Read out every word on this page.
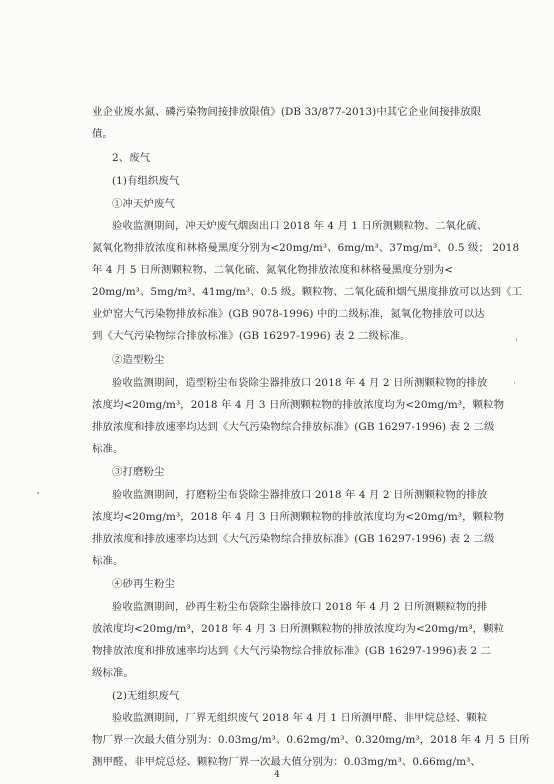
业企业废水氮、磷污染物间接排放限值》(DB 33/877-2013)中其它企业间接排放限
值。
2、废气
(1)有组织废气
①冲天炉废气
验收监测期间，冲天炉废气烟囱出口 2018 年 4 月 1 日所测颗粒物、二氧化硫、
氮氧化物排放浓度和林格曼黑度分别为<20mg/m³、6mg/m³、37mg/m³、0.5 级； 2018
年 4 月 5 日所测颗粒物、二氧化硫、氮氧化物排放浓度和林格曼黑度分别为<
20mg/m³、5mg/m³、41mg/m³、0.5 级。颗粒物、二氧化硫和烟气黑度排放可以达到《工
业炉窑大气污染物排放标准》(GB 9078-1996) 中的二级标准，氮氧化物排放可以达
到《大气污染物综合排放标准》(GB 16297-1996) 表 2 二级标准。
②造型粉尘
验收监测期间，造型粉尘布袋除尘器排放口 2018 年 4 月 2 日所测颗粒物的排放
浓度均<20mg/m³，2018 年 4 月 3 日所测颗粒物的排放浓度均为<20mg/m³，颗粒物
排放浓度和排放速率均达到《大气污染物综合排放标准》(GB 16297-1996) 表 2 二级
标准。
③打磨粉尘
验收监测期间，打磨粉尘布袋除尘器排放口 2018 年 4 月 2 日所测颗粒物的排放
浓度均<20mg/m³，2018 年 4 月 3 日所测颗粒物的排放浓度均为<20mg/m³，颗粒物
排放浓度和排放速率均达到《大气污染物综合排放标准》(GB 16297-1996) 表 2 二级
标准。
④砂再生粉尘
验收监测期间，砂再生粉尘布袋除尘器排放口 2018 年 4 月 2 日所测颗粒物的排
放浓度均<20mg/m³，2018 年 4 月 3 日所测颗粒物的排放浓度均为<20mg/m³，颗粒
物排放浓度和排放速率均达到《大气污染物综合排放标准》(GB 16297-1996)表 2 二
级标准。
(2)无组织废气
验收监测期间，厂界无组织废气 2018 年 4 月 1 日所测甲醛、非甲烷总烃、颗粒
物厂界一次最大值分别为：0.03mg/m³、0.62mg/m³、0.320mg/m³，2018 年 4 月 5 日所
测甲醛、非甲烷总烃、颗粒物厂界一次最大值分别为：0.03mg/m³、0.66mg/m³、
4
